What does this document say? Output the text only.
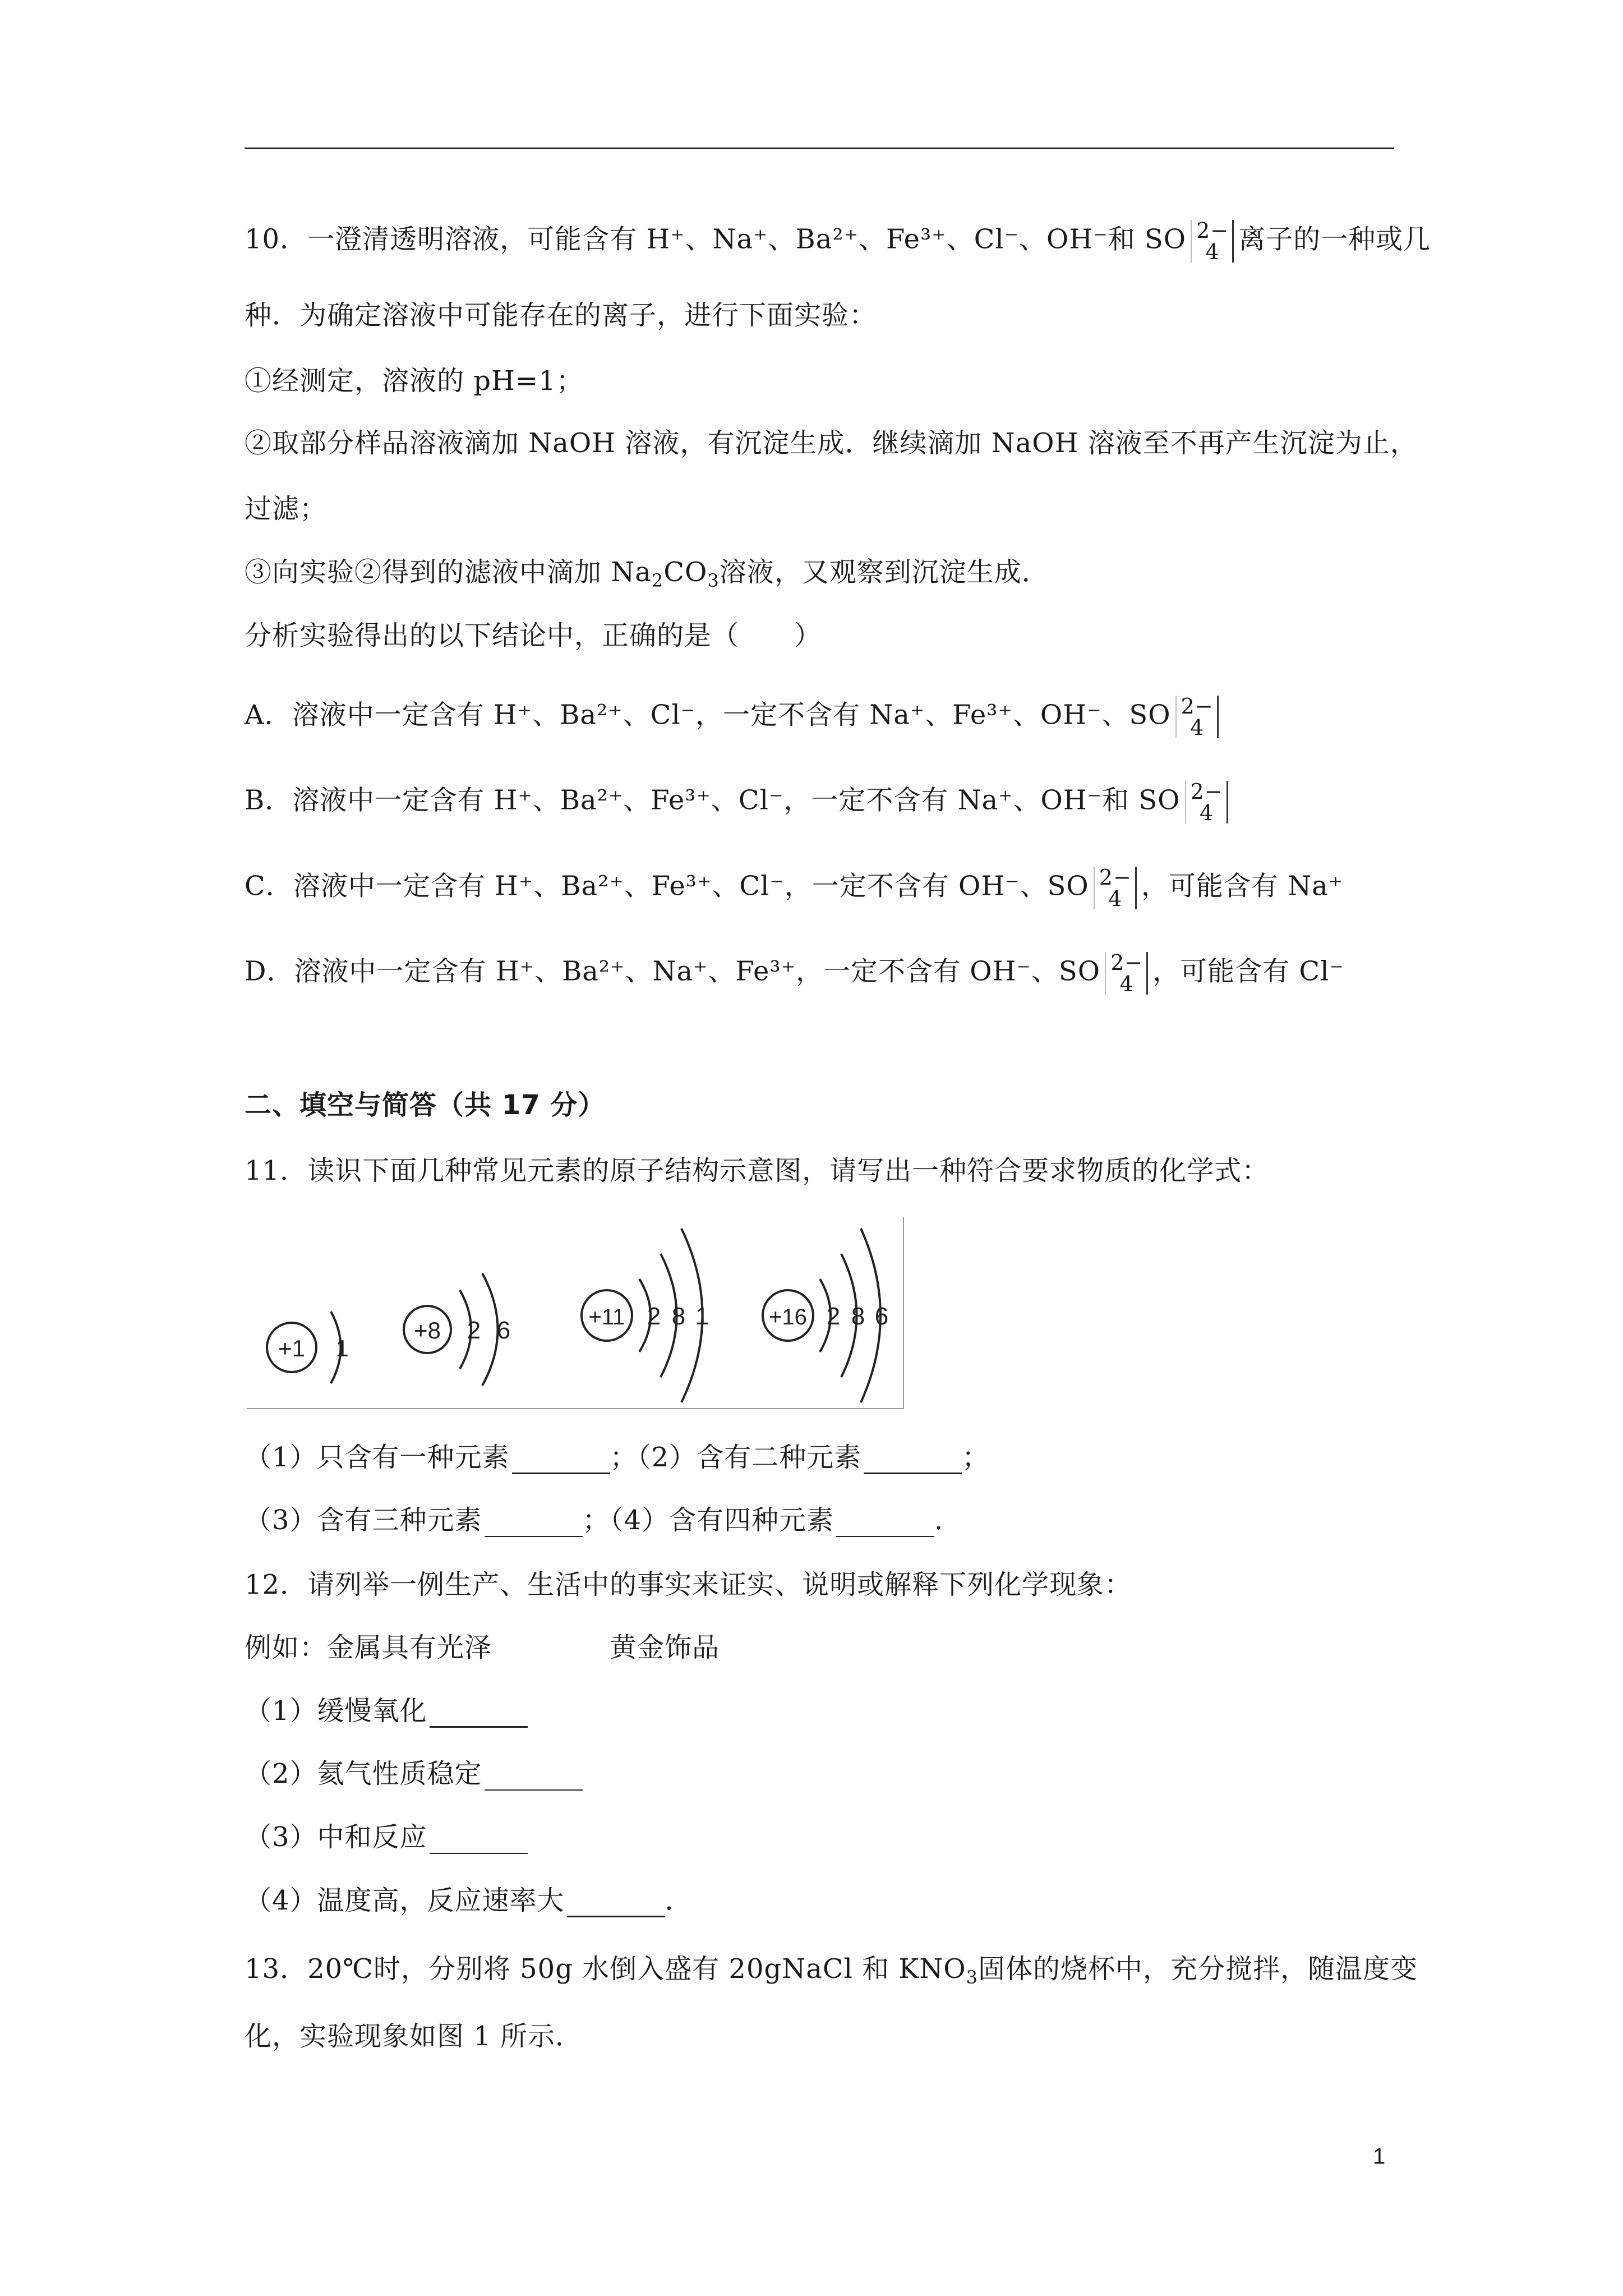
10．一澄清透明溶液，可能含有 H⁺、Na⁺、Ba²⁺、Fe³⁺、Cl⁻、OH⁻和 SO 2−
4 离子的一种或几
种．为确定溶液中可能存在的离子，进行下面实验：
①经测定，溶液的 pH=1；
②取部分样品溶液滴加 NaOH 溶液，有沉淀生成．继续滴加 NaOH 溶液至不再产生沉淀为止，
过滤；
③向实验②得到的滤液中滴加 $Na_2CO_3$溶液，又观察到沉淀生成．
分析实验得出的以下结论中，正确的是（　　）
A．溶液中一定含有 H⁺、Ba²⁺、Cl⁻，一定不含有 Na⁺、Fe³⁺、OH⁻、SO 2−
4
B．溶液中一定含有 H⁺、Ba²⁺、Fe³⁺、Cl⁻，一定不含有 Na⁺、OH⁻和 SO 2−
4
C．溶液中一定含有 H⁺、Ba²⁺、Fe³⁺、Cl⁻，一定不含有 OH⁻、SO 2−
4 ，可能含有 Na⁺
D．溶液中一定含有 H⁺、Ba²⁺、Na⁺、Fe³⁺，一定不含有 OH⁻、SO 2−
4 ，可能含有 Cl⁻
二、填空与简答（共 17 分）
11．读识下面几种常见元素的原子结构示意图，请写出一种符合要求物质的化学式：
+1 1
+8 2 6	+11 2 8 1	+16 2 8 6
（1）只含有一种元素	；（2）含有二种元素	；
（3）含有三种元素	；（4）含有四种元素	．
12．请列举一例生产、生活中的事实来证实、说明或解释下列化学现象：
例如：金属具有光泽	黄金饰品
（1）缓慢氧化
（2）氦气性质稳定
（3）中和反应
（4）温度高，反应速率大	．
13．20℃时，分别将 50g 水倒入盛有 20gNaCl 和 $KNO_3$固体的烧杯中，充分搅拌，随温度变
化，实验现象如图 1 所示．
1
